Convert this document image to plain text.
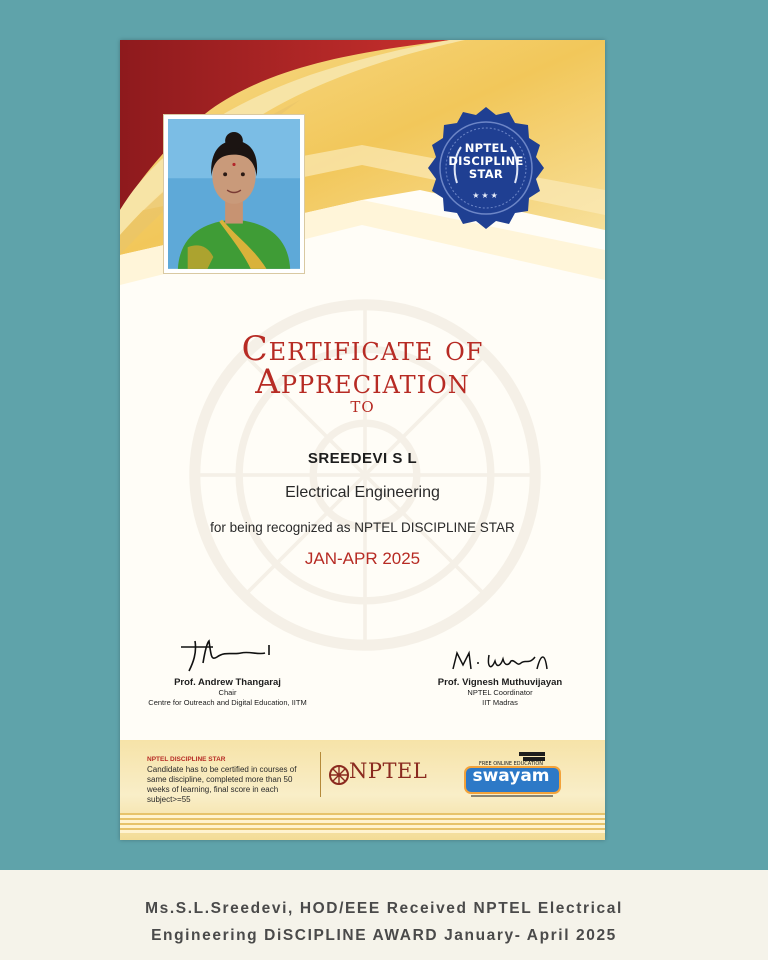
NPTEL
DISCIPLINE
STAR
★★★
Certificate of
Appreciation
TO
SREEDEVI S L
Electrical Engineering
for being recognized as NPTEL DISCIPLINE STAR
JAN-APR 2025
Prof. Andrew Thangaraj
Chair
Centre for Outreach and Digital Education, IITM
Prof. Vignesh Muthuvijayan
NPTEL Coordinator
IIT Madras
NPTEL DISCIPLINE STAR
Candidate has to be certified in courses of same discipline, completed more than 50 weeks of learning, final score in each subject>=55
NPTEL	FREE ONLINE EDUCATION
swayam
Ms.S.L.Sreedevi, HOD/EEE Received NPTEL Electrical
Engineering DiSCIPLINE AWARD January- April 2025
